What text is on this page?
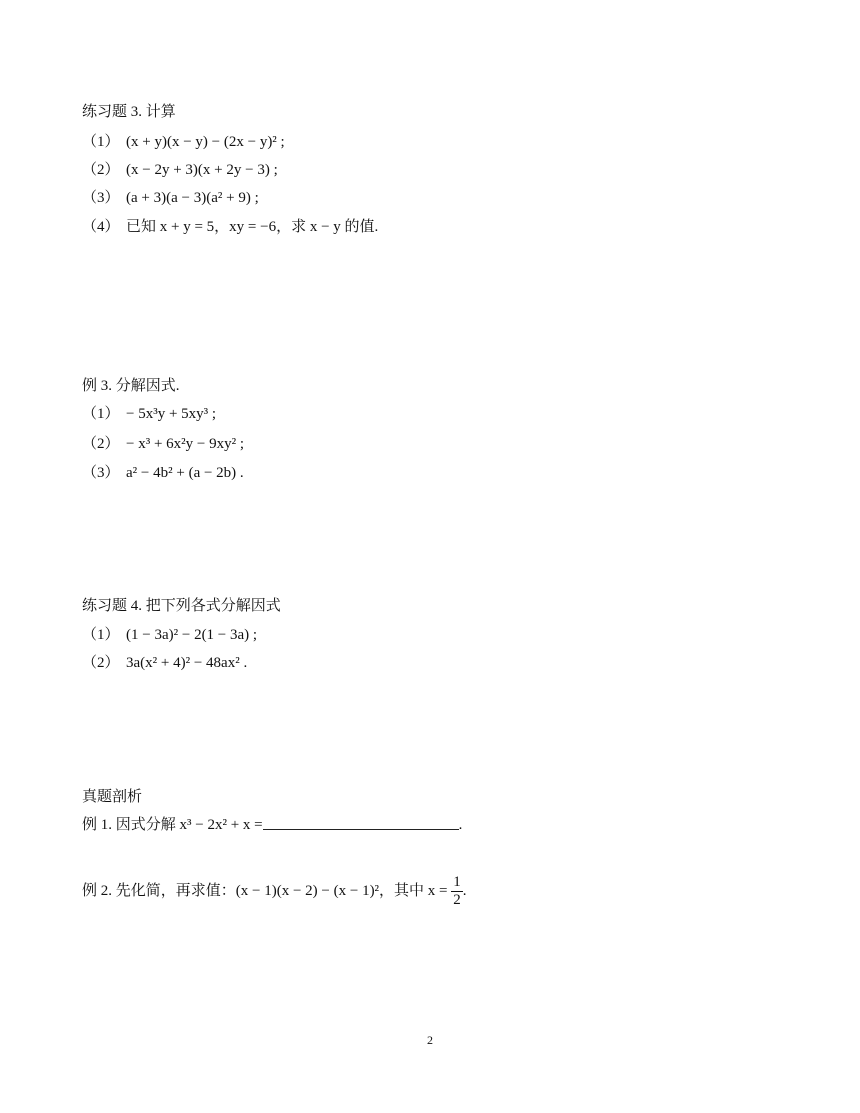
练习题 3. 计算
（1） (x + y)(x − y) − (2x − y)² ;
（2） (x − 2y + 3)(x + 2y − 3) ;
（3） (a + 3)(a − 3)(a² + 9) ;
（4） 已知 x + y = 5，xy = −6，求 x − y 的值.
例 3. 分解因式.
（1） − 5x³y + 5xy³ ;
（2） − x³ + 6x²y − 9xy² ;
（3） a² − 4b² + (a − 2b) .
练习题 4. 把下列各式分解因式
（1） (1 − 3a)² − 2(1 − 3a) ;
（2） 3a(x² + 4)² − 48ax² .
真题剖析
例 1. 因式分解 x³ − 2x² + x =	.
例 2. 先化简，再求值：(x − 1)(x − 2) − (x − 1)²，其中 $x = \frac{1}{2}$ .
2
